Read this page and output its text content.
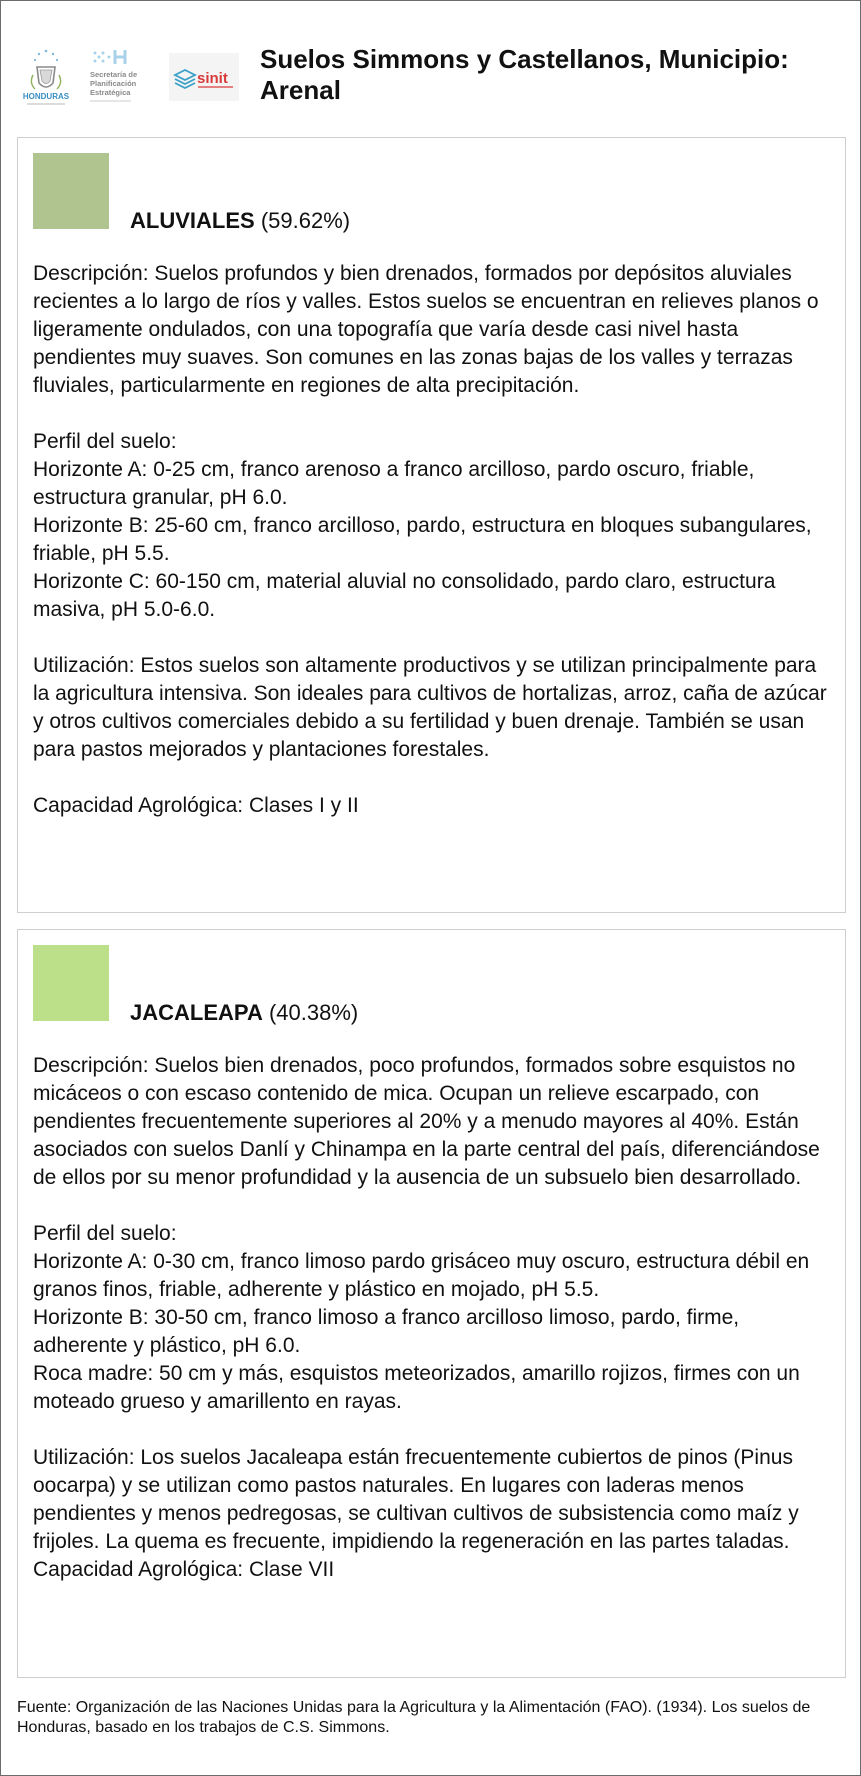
HONDURAS
Secretaría de
Planificación
Estratégica
sinit
Suelos Simmons y Castellanos, Municipio: Arenal
ALUVIALES (59.62%)
Descripción: Suelos profundos y bien drenados, formados por depósitos aluviales recientes a lo largo de ríos y valles. Estos suelos se encuentran en relieves planos o ligeramente ondulados, con una topografía que varía desde casi nivel hasta pendientes muy suaves. Son comunes en las zonas bajas de los valles y terrazas fluviales, particularmente en regiones de alta precipitación.
Perfil del suelo:
Horizonte A: 0-25 cm, franco arenoso a franco arcilloso, pardo oscuro, friable, estructura granular, pH 6.0.
Horizonte B: 25-60 cm, franco arcilloso, pardo, estructura en bloques subangulares, friable, pH 5.5.
Horizonte C: 60-150 cm, material aluvial no consolidado, pardo claro, estructura masiva, pH 5.0-6.0.
Utilización: Estos suelos son altamente productivos y se utilizan principalmente para la agricultura intensiva. Son ideales para cultivos de hortalizas, arroz, caña de azúcar y otros cultivos comerciales debido a su fertilidad y buen drenaje. También se usan para pastos mejorados y plantaciones forestales.
Capacidad Agrológica: Clases I y II
JACALEAPA (40.38%)
Descripción: Suelos bien drenados, poco profundos, formados sobre esquistos no micáceos o con escaso contenido de mica. Ocupan un relieve escarpado, con pendientes frecuentemente superiores al 20% y a menudo mayores al 40%. Están asociados con suelos Danlí y Chinampa en la parte central del país, diferenciándose de ellos por su menor profundidad y la ausencia de un subsuelo bien desarrollado.
Perfil del suelo:
Horizonte A: 0-30 cm, franco limoso pardo grisáceo muy oscuro, estructura débil en granos finos, friable, adherente y plástico en mojado, pH 5.5.
Horizonte B: 30-50 cm, franco limoso a franco arcilloso limoso, pardo, firme, adherente y plástico, pH 6.0.
Roca madre: 50 cm y más, esquistos meteorizados, amarillo rojizos, firmes con un moteado grueso y amarillento en rayas.
Utilización: Los suelos Jacaleapa están frecuentemente cubiertos de pinos (Pinus oocarpa) y se utilizan como pastos naturales. En lugares con laderas menos pendientes y menos pedregosas, se cultivan cultivos de subsistencia como maíz y frijoles. La quema es frecuente, impidiendo la regeneración en las partes taladas.
Capacidad Agrológica: Clase VII
Fuente: Organización de las Naciones Unidas para la Agricultura y la Alimentación (FAO). (1934). Los suelos de Honduras, basado en los trabajos de C.S. Simmons.
